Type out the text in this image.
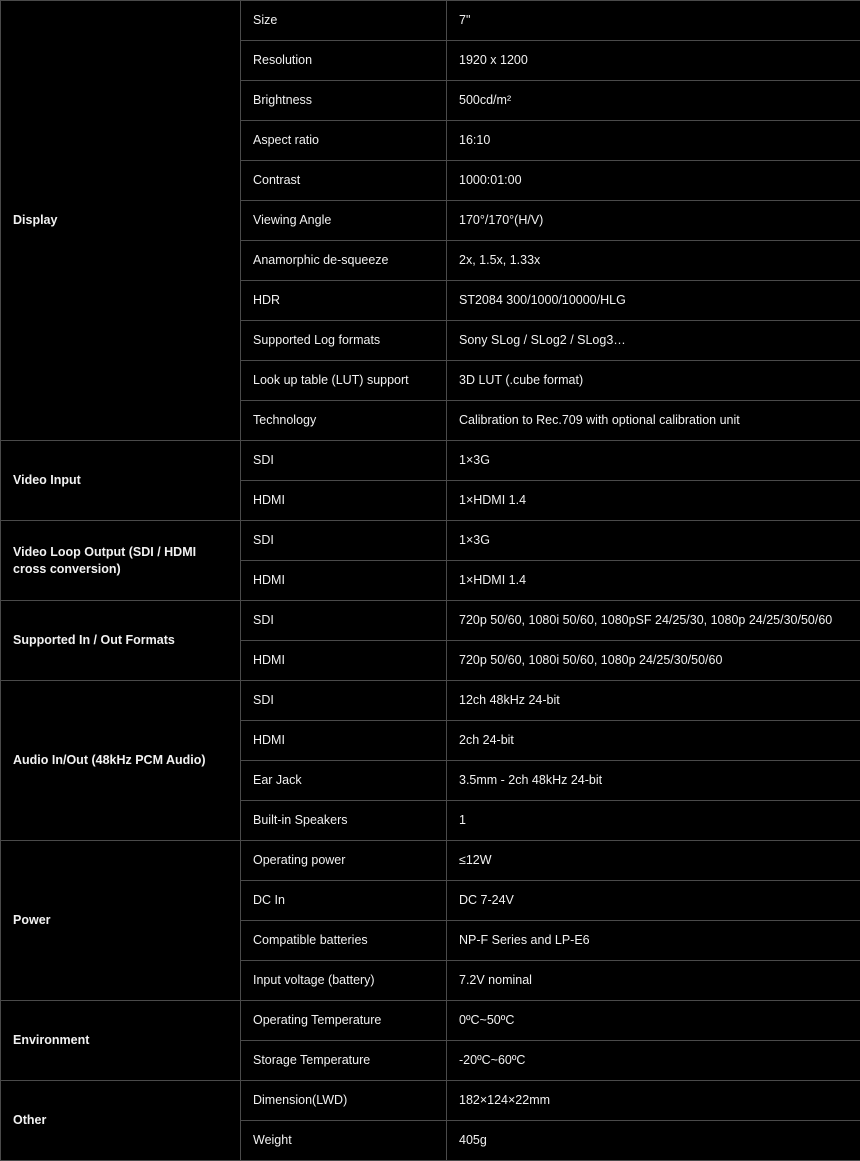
Display	Size	7"
	Resolution	1920 x 1200
	Brightness	500cd/m²
	Aspect ratio	16:10
	Contrast	1000:01:00
	Viewing Angle	170°/170°(H/V)
	Anamorphic de-squeeze	2x, 1.5x, 1.33x
	HDR	ST2084 300/1000/10000/HLG
	Supported Log formats	Sony SLog / SLog2 / SLog3…
	Look up table (LUT) support	3D LUT (.cube format)
	Technology	Calibration to Rec.709 with optional calibration unit
Video Input	SDI	1×3G
	HDMI	1×HDMI 1.4
Video Loop Output (SDI / HDMI cross conversion)	SDI	1×3G
	HDMI	1×HDMI 1.4
Supported In / Out Formats	SDI	720p 50/60, 1080i 50/60, 1080pSF 24/25/30, 1080p 24/25/30/50/60
	HDMI	720p 50/60, 1080i 50/60, 1080p 24/25/30/50/60
Audio In/Out (48kHz PCM Audio)	SDI	12ch 48kHz 24-bit
	HDMI	2ch 24-bit
	Ear Jack	3.5mm - 2ch 48kHz 24-bit
	Built-in Speakers	1
Power	Operating power	≤12W
	DC In	DC 7-24V
	Compatible batteries	NP-F Series and LP-E6
	Input voltage (battery)	7.2V nominal
Environment	Operating Temperature	0ºC~50ºC
	Storage Temperature	-20ºC~60ºC
Other	Dimension(LWD)	182×124×22mm
	Weight	405g
